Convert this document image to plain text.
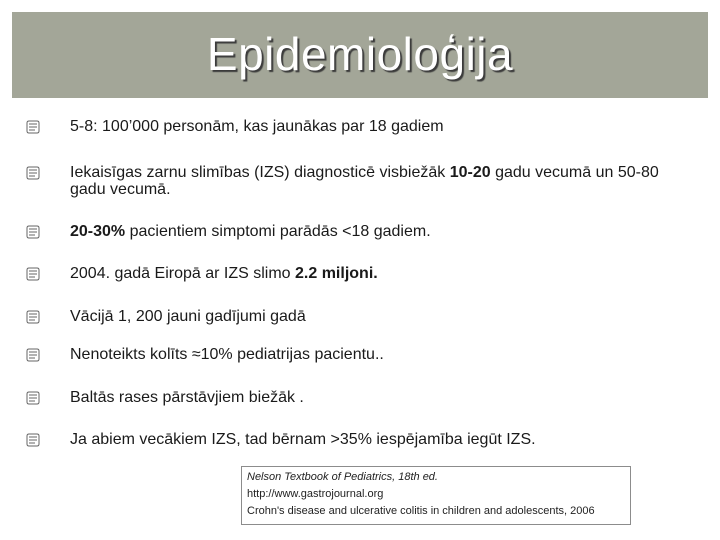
Epidemioloģija
5-8: 100’000 personām, kas jaunākas par 18 gadiem
Iekaisīgas zarnu slimības (IZS) diagnosticē visbiežāk 10-20 gadu vecumā un 50-80 gadu vecumā.
20-30% pacientiem simptomi parādās <18 gadiem.
2004. gadā Eiropā ar IZS slimo 2.2 miljoni.
Vācijā 1, 200 jauni gadījumi gadā
Nenoteikts kolīts ≈10% pediatrijas pacientu..
Baltās rases pārstāvjiem biežāk .
Ja abiem vecākiem IZS, tad bērnam >35% iespējamība iegūt IZS.
Nelson Textbook of Pediatrics, 18th ed.
http://www.gastrojournal.org
Crohn's disease and ulcerative colitis in children and adolescents, 2006
